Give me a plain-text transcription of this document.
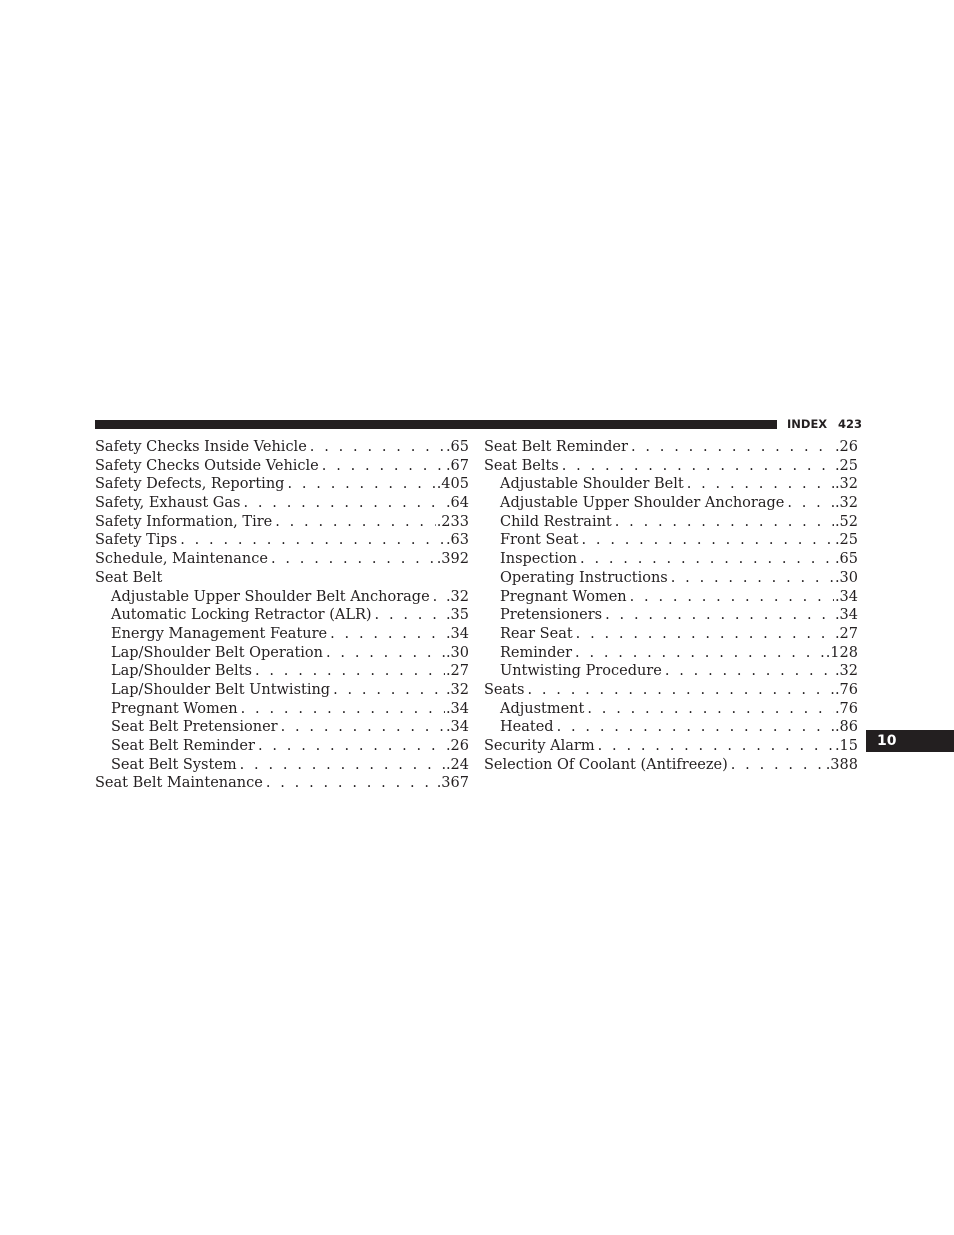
INDEX 423
Safety Checks Inside Vehicle . . .	.65
Safety Checks Outside Vehicle . . .	.67
Safety Defects, Reporting . . .	.405
Safety, Exhaust Gas . . .	.64
Safety Information, Tire . . .	.233
Safety Tips . . .	.63
Schedule, Maintenance . . .	.392
Seat Belt
Adjustable Upper Shoulder Belt Anchorage . . . .32
Automatic Locking Retractor (ALR) . . .	.35
Energy Management Feature . . .	.34
Lap/Shoulder Belt Operation . . .	.30
Lap/Shoulder Belts . . .	.27
Lap/Shoulder Belt Untwisting . . .	.32
Pregnant Women . . .	.34
Seat Belt Pretensioner . . .	.34
Seat Belt Reminder . . .	.26
Seat Belt System . . .	.24
Seat Belt Maintenance . . .	.367
Seat Belt Reminder . . .	.26
Seat Belts . . .	.25
Adjustable Shoulder Belt . . .	.32
Adjustable Upper Shoulder Anchorage . . .	.32
Child Restraint . . .	.52
Front Seat . . .	.25
Inspection . . .	.65
Operating Instructions . . .	.30
Pregnant Women . . .	.34
Pretensioners . . .	.34
Rear Seat . . .	.27
Reminder . . .	.128
Untwisting Procedure . . .	.32
Seats . . .	.76
Adjustment . . .	.76
Heated . . .	.86
Security Alarm . . .	.15
Selection Of Coolant (Antifreeze) . . .	.388
10
